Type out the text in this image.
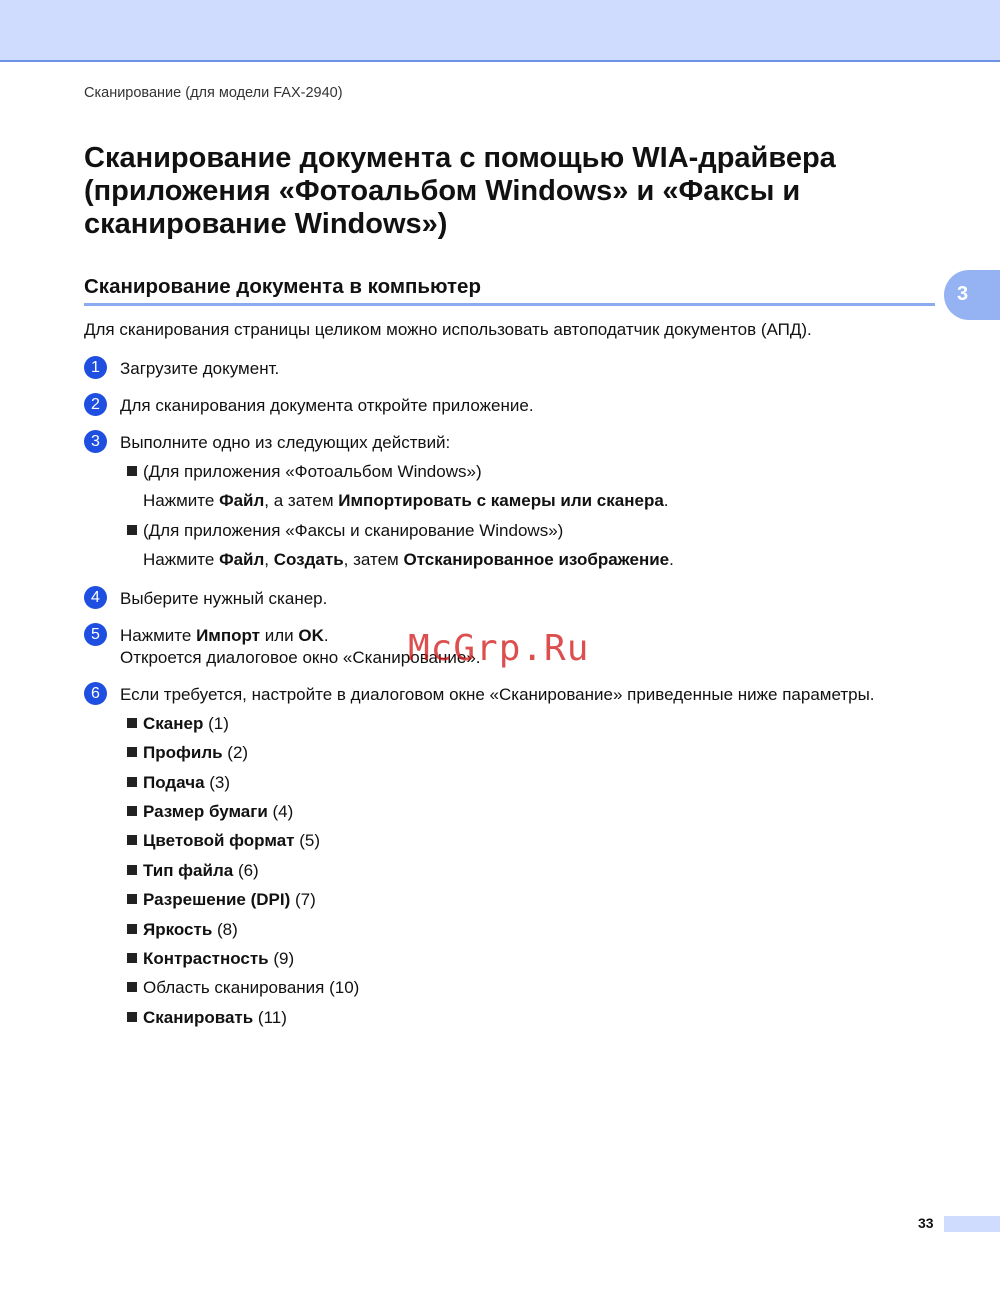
Сканирование (для модели FAX-2940)
Сканирование документа с помощью WIA-драйвера (приложения «Фотоальбом Windows» и «Факсы и сканирование Windows»)
Сканирование документа в компьютер	3
Для сканирования страницы целиком можно использовать автоподатчик документов (АПД).
1	Загрузите документ.
2	Для сканирования документа откройте приложение.
3	Выполните одно из следующих действий:
(Для приложения «Фотоальбом Windows»)
Нажмите Файл, а затем Импортировать с камеры или сканера.
(Для приложения «Факсы и сканирование Windows»)
Нажмите Файл, Создать, затем Отсканированное изображение.
4	Выберите нужный сканер.
5	Нажмите Импорт или OK.
Откроется диалоговое окно «Сканирование».
6	Если требуется, настройте в диалоговом окне «Сканирование» приведенные ниже параметры.
Сканер (1)
Профиль (2)
Подача (3)
Размер бумаги (4)
Цветовой формат (5)
Тип файла (6)
Разрешение (DPI) (7)
Яркость (8)
Контрастность (9)
Область сканирования (10)
Сканировать (11)
McGrp.Ru
33
